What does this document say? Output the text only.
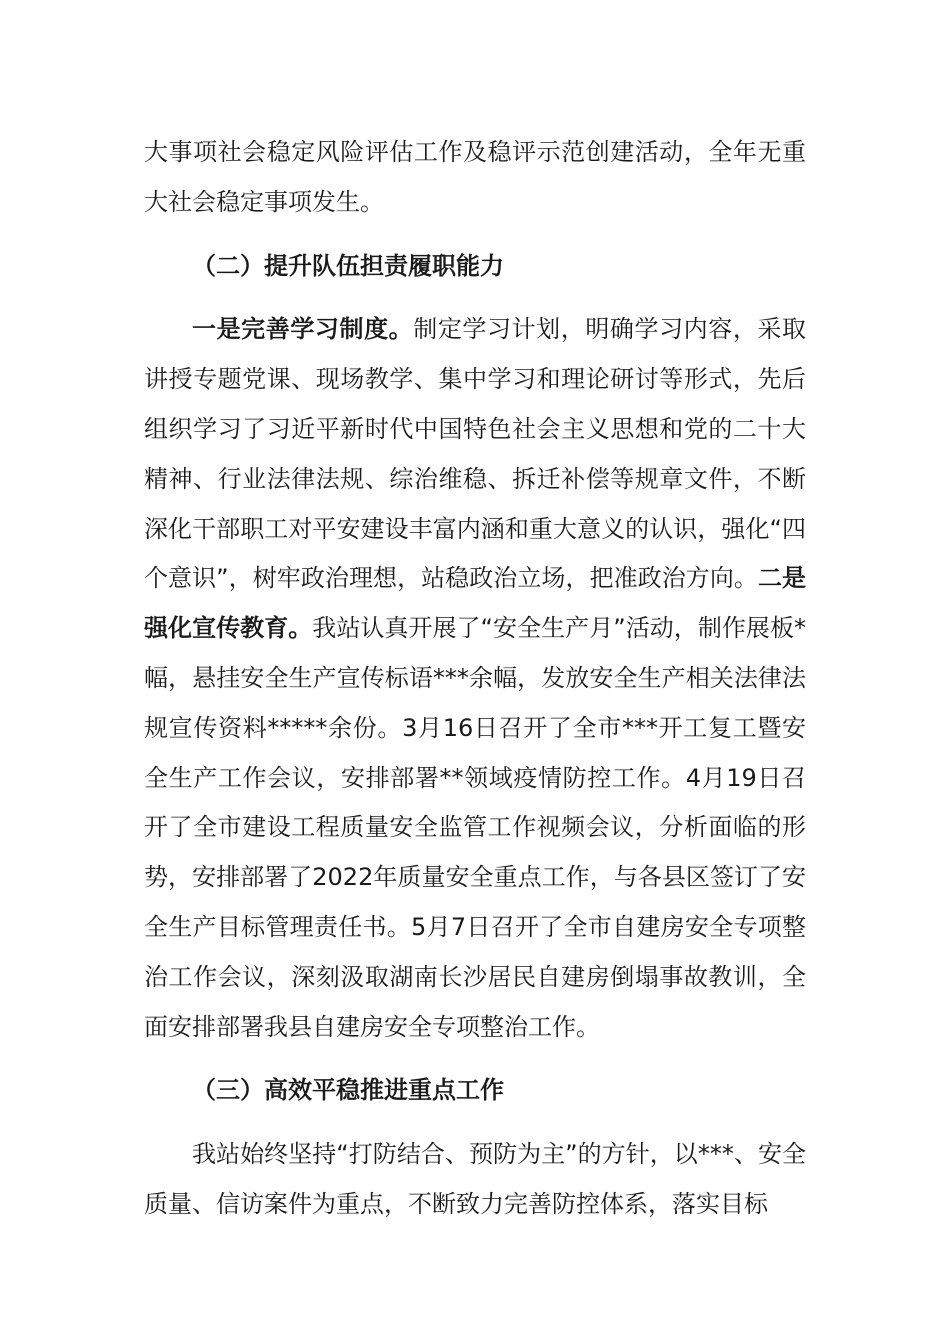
大事项社会稳定风险评估工作及稳评示范创建活动，全年无重大社会稳定事项发生。

（二）提升队伍担责履职能力

一是完善学习制度。制定学习计划，明确学习内容，采取讲授专题党课、现场教学、集中学习和理论研讨等形式，先后组织学习了习近平新时代中国特色社会主义思想和党的二十大精神、行业法律法规、综治维稳、拆迁补偿等规章文件，不断深化干部职工对平安建设丰富内涵和重大意义的认识，强化“四个意识”，树牢政治理想，站稳政治立场，把准政治方向。二是强化宣传教育。我站认真开展了“安全生产月”活动，制作展板*幅，悬挂安全生产宣传标语***余幅，发放安全生产相关法律法规宣传资料*****余份。3月16日召开了全市***开工复工暨安全生产工作会议，安排部署**领域疫情防控工作。4月19日召开了全市建设工程质量安全监管工作视频会议，分析面临的形势，安排部署了2022年质量安全重点工作，与各县区签订了安全生产目标管理责任书。5月7日召开了全市自建房安全专项整治工作会议，深刻汲取湖南长沙居民自建房倒塌事故教训，全面安排部署我县自建房安全专项整治工作。

（三）高效平稳推进重点工作

我站始终坚持“打防结合、预防为主”的方针，以***、安全质量、信访案件为重点，不断致力完善防控体系，落实目标
